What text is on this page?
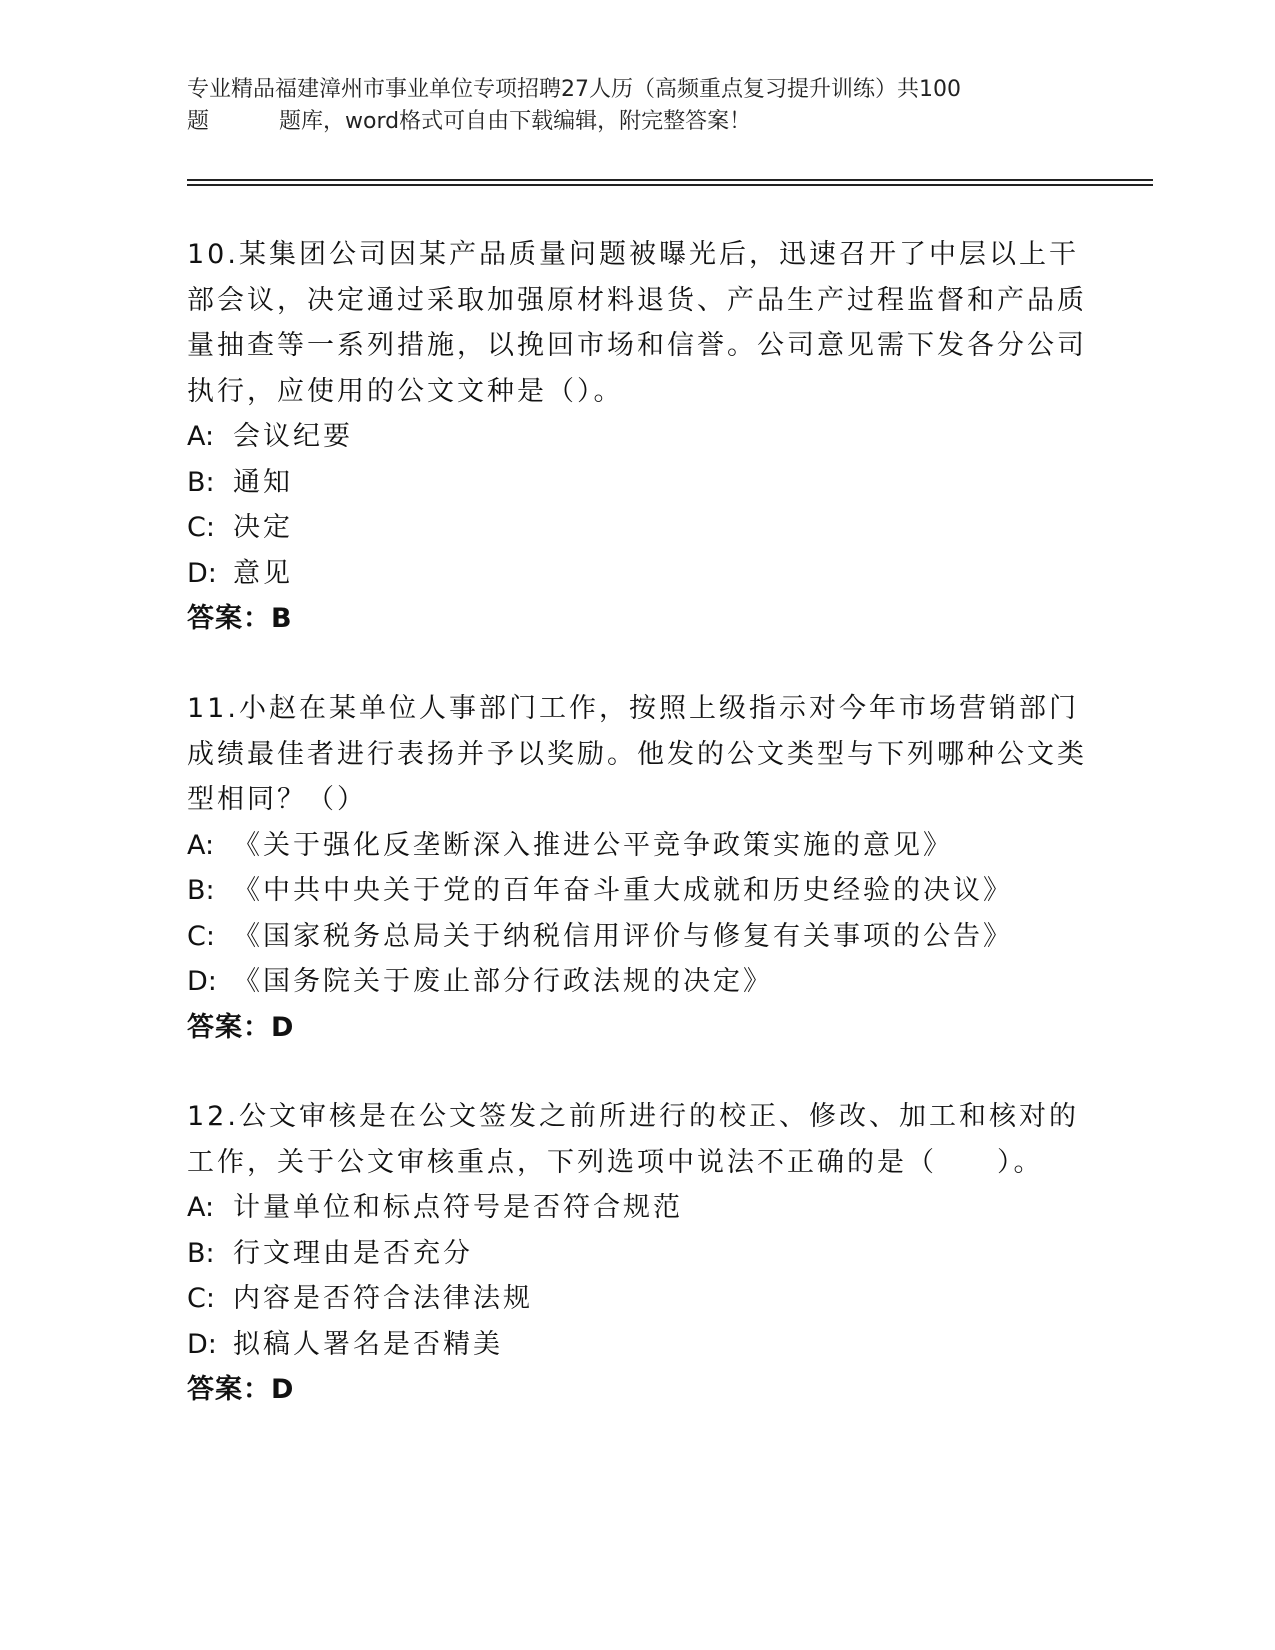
专业精品福建漳州市事业单位专项招聘27人历（高频重点复习提升训练）共100
题	题库，word格式可自由下载编辑，附完整答案！

10.某集团公司因某产品质量问题被曝光后，迅速召开了中层以上干部会议，决定通过采取加强原材料退货、产品生产过程监督和产品质量抽查等一系列措施，以挽回市场和信誉。公司意见需下发各分公司执行，应使用的公文文种是（）。

A: 会议纪要
B: 通知
C: 决定
D: 意见
答案：B

11.小赵在某单位人事部门工作，按照上级指示对今年市场营销部门成绩最佳者进行表扬并予以奖励。他发的公文类型与下列哪种公文类型相同？（）

A: 《关于强化反垄断深入推进公平竞争政策实施的意见》
B: 《中共中央关于党的百年奋斗重大成就和历史经验的决议》
C: 《国家税务总局关于纳税信用评价与修复有关事项的公告》
D: 《国务院关于废止部分行政法规的决定》
答案：D

12.公文审核是在公文签发之前所进行的校正、修改、加工和核对的工作，关于公文审核重点，下列选项中说法不正确的是（　　）。

A: 计量单位和标点符号是否符合规范
B: 行文理由是否充分
C: 内容是否符合法律法规
D: 拟稿人署名是否精美
答案：D
